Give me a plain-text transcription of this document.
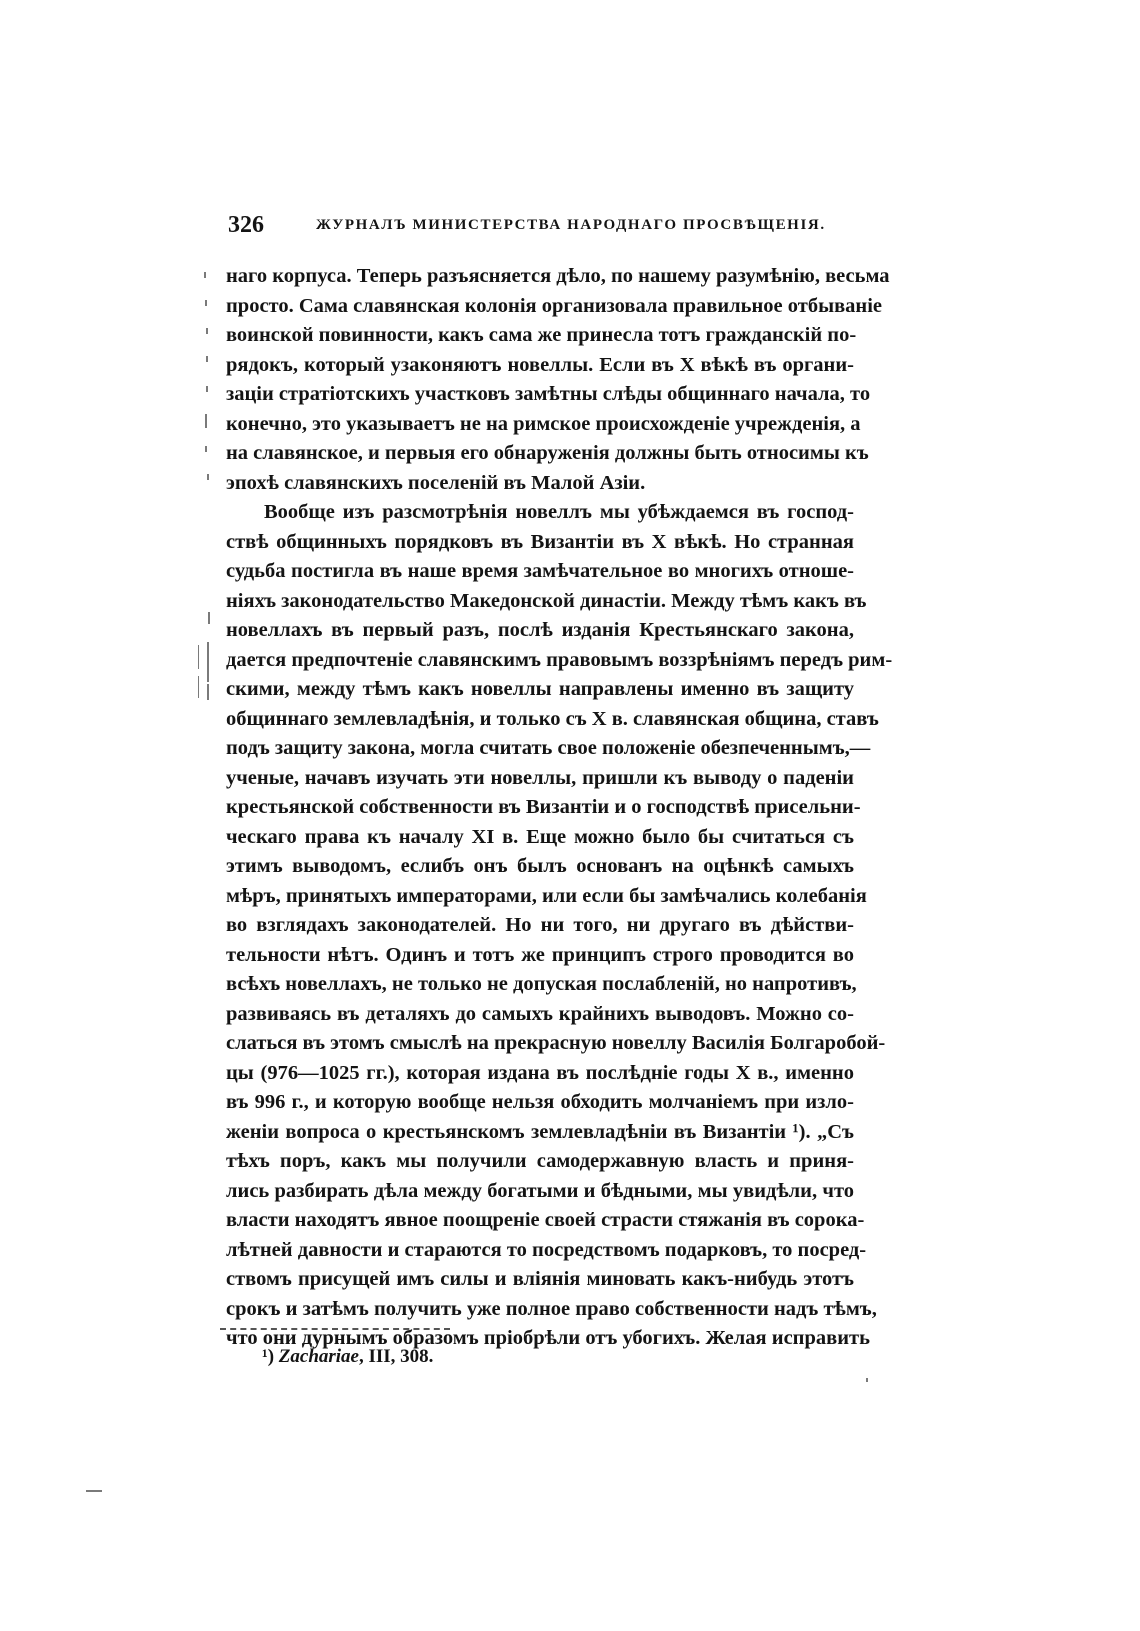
326	ЖУРНАЛЪ МИНИСТЕРСТВА НАРОДНАГО ПРОСВѢЩЕНІЯ.
наго корпуса. Теперь разъясняется дѣло, по нашему разумѣнію, весьма
просто. Сама славянская колонія организовала правильное отбываніе
воинской повинности, какъ сама же принесла тотъ гражданскій по-
рядокъ, который узаконяютъ новеллы. Если въ X вѣкѣ въ органи-
заціи стратіотскихъ участковъ замѣтны слѣды общиннаго начала, то
конечно, это указываетъ не на римское происхожденіе учрежденія, а
на славянское, и первыя его обнаруженія должны быть относимы къ
эпохѣ славянскихъ поселеній въ Малой Азіи.
Вообще изъ разсмотрѣнія новеллъ мы убѣждаемся въ господ-
ствѣ общинныхъ порядковъ въ Византіи въ X вѣкѣ. Но странная
судьба постигла въ наше время замѣчательное во многихъ отноше-
ніяхъ законодательство Македонской династіи. Между тѣмъ какъ въ
новеллахъ въ первый разъ, послѣ изданія Крестьянскаго закона,
дается предпочтеніе славянскимъ правовымъ воззрѣніямъ передъ рим-
скими, между тѣмъ какъ новеллы направлены именно въ защиту
общиннаго землевладѣнія, и только съ X в. славянская община, ставъ
подъ защиту закона, могла считать свое положеніе обезпеченнымъ,—
ученые, начавъ изучать эти новеллы, пришли къ выводу о паденіи
крестьянской собственности въ Византіи и о господствѣ присельни-
ческаго права къ началу XI в. Еще можно было бы считаться съ
этимъ выводомъ, еслибъ онъ былъ основанъ на оцѣнкѣ самыхъ
мѣръ, принятыхъ императорами, или если бы замѣчались колебанія
во взглядахъ законодателей. Но ни того, ни другаго въ дѣйстви-
тельности нѣтъ. Одинъ и тотъ же принципъ строго проводится во
всѣхъ новеллахъ, не только не допуская послабленій, но напротивъ,
развиваясь въ деталяхъ до самыхъ крайнихъ выводовъ. Можно со-
слаться въ этомъ смыслѣ на прекрасную новеллу Василія Болгаробой-
цы (976—1025 гг.), которая издана въ послѣдніе годы X в., именно
въ 996 г., и которую вообще нельзя обходить молчаніемъ при изло-
женіи вопроса о крестьянскомъ землевладѣніи въ Византіи ¹). „Съ
тѣхъ поръ, какъ мы получили самодержавную власть и приня-
лись разбирать дѣла между богатыми и бѣдными, мы увидѣли, что
власти находятъ явное поощреніе своей страсти стяжанія въ сорока-
лѣтней давности и стараются то посредствомъ подарковъ, то посред-
ствомъ присущей имъ силы и вліянія миновать какъ-нибудь этотъ
срокъ и затѣмъ получить уже полное право собственности надъ тѣмъ,
что они дурнымъ образомъ пріобрѣли отъ убогихъ. Желая исправить
¹) Zachariae, III, 308.
